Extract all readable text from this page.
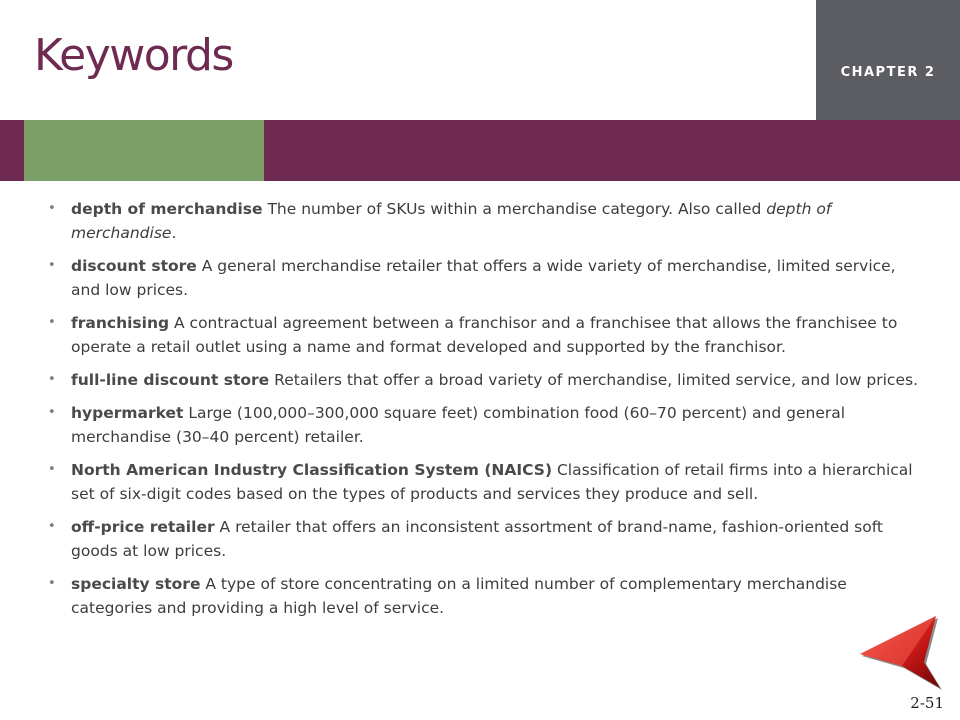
Keywords	CHAPTER 2
• depth of merchandise The number of SKUs within a merchandise category. Also called depth of merchandise.
• discount store A general merchandise retailer that offers a wide variety of merchandise, limited service, and low prices.
• franchising A contractual agreement between a franchisor and a franchisee that allows the franchisee to operate a retail outlet using a name and format developed and supported by the franchisor.
• full-line discount store Retailers that offer a broad variety of merchandise, limited service, and low prices.
• hypermarket Large (100,000–300,000 square feet) combination food (60–70 percent) and general merchandise (30–40 percent) retailer.
• North American Industry Classification System (NAICS) Classification of retail firms into a hierarchical set of six-digit codes based on the types of products and services they produce and sell.
• off-price retailer A retailer that offers an inconsistent assortment of brand-name, fashion-oriented soft goods at low prices.
• specialty store A type of store concentrating on a limited number of complementary merchandise categories and providing a high level of service.
2-51
